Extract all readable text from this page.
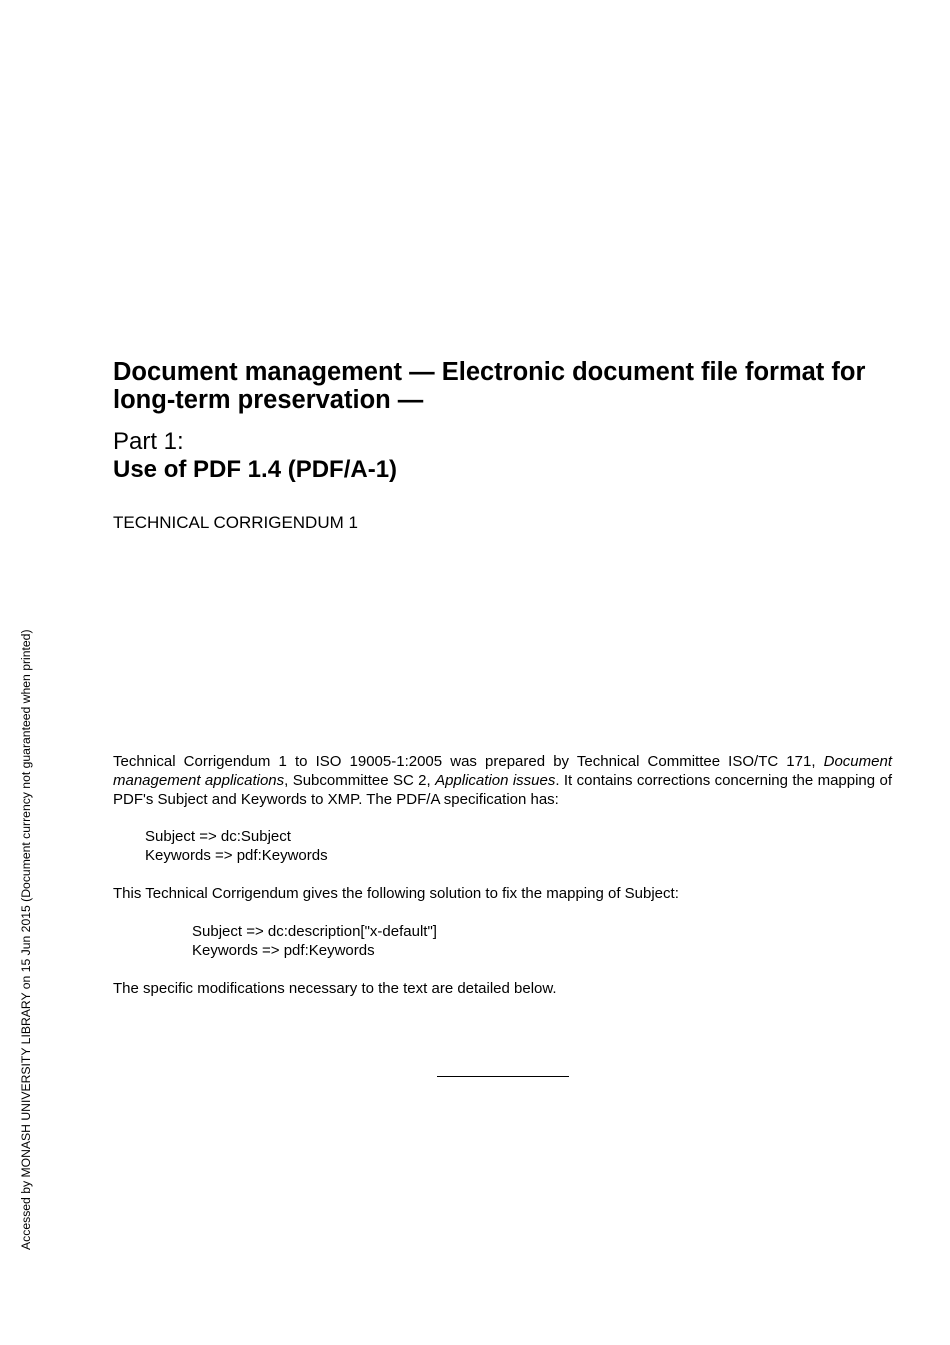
Accessed by MONASH UNIVERSITY LIBRARY on 15 Jun 2015 (Document currency not guaranteed when printed)
Document management — Electronic document file format for long-term preservation —
Part 1:
Use of PDF 1.4 (PDF/A-1)
TECHNICAL CORRIGENDUM 1
Technical Corrigendum 1 to ISO 19005-1:2005 was prepared by Technical Committee ISO/TC 171, Document management applications, Subcommittee SC 2, Application issues. It contains corrections concerning the mapping of PDF's Subject and Keywords to XMP. The PDF/A specification has:
Subject => dc:Subject
Keywords => pdf:Keywords
This Technical Corrigendum gives the following solution to fix the mapping of Subject:
Subject => dc:description["x-default"]
Keywords => pdf:Keywords
The specific modifications necessary to the text are detailed below.
